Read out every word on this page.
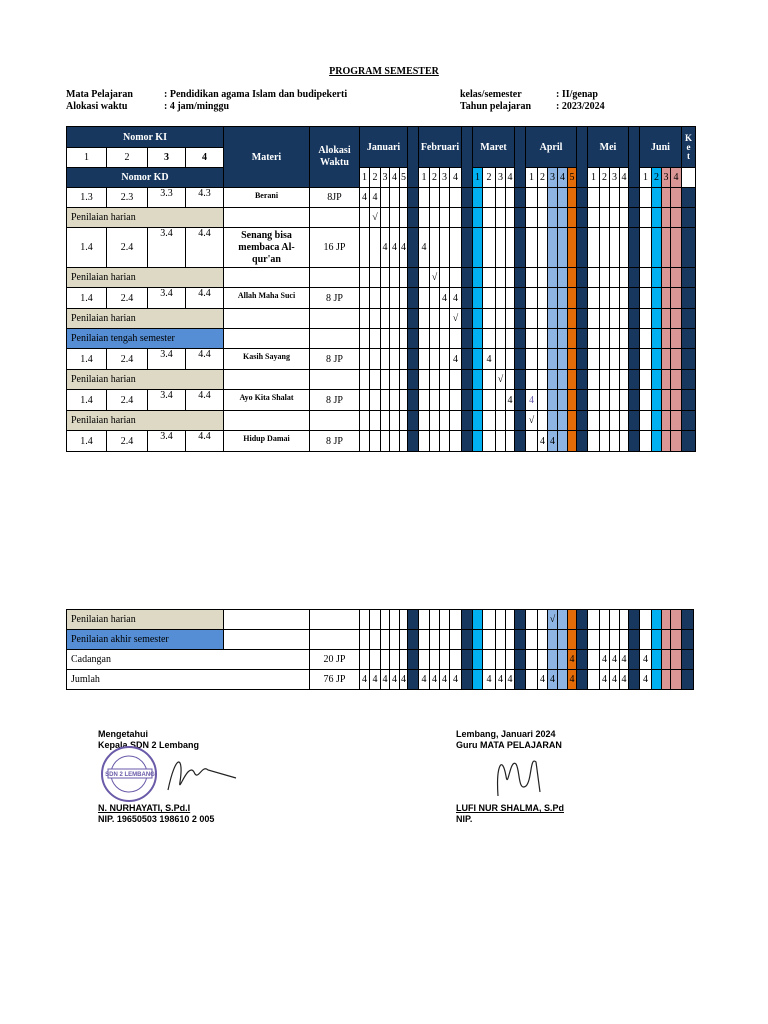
PROGRAM SEMESTER
Mata Pelajaran	: Pendidikan agama Islam dan budipekerti
Alokasi waktu	: 4 jam/minggu
kelas/semester	: II/genap
Tahun pelajaran : 2023/2024
Nomor KI				Materi	Alokasi Waktu	Januari						Februari					Maret					April						Mei					Juni				K e t
1	2	3	4																																		
Nomor KD						1	2	3	4	5		1	2	3	4		1	2	3	4		1	2	3	4	5		1	2	3	4		1	2	3	4	
1.3	2.3	3.3	4.3	Berani	8JP	4	4																														
Penilaian harian							√																														
1.4	2.4	3.4	4.4	Senang bisa membaca Al-qur'an	16 JP			4	4	4		4																									
Penilaian harian													√																								
1.4	2.4	3.4	4.4	Allah Maha Suci	8 JP									4	4																						
Penilaian harian															√																						
Penilaian tengah semester																																					
1.4	2.4	3.4	4.4	Kasih Sayang	8 JP										4			4																			
Penilaian harian																			√																		
1.4	2.4	3.4	4.4	Ayo Kita Shalat	8 JP															4		4															
Penilaian harian																						√															
1.4	2.4	3.4	4.4	Hidup Damai	8 JP																		4	4													
Penilaian harian																					√													
Penilaian akhir semester																																		
Cadangan		20 JP																					4			4	4	4		4				
Jumlah		76 JP	4	4	4	4	4		4	4	4	4			4	4	4			4	4		4			4	4	4		4				
Mengetahui
Kepala SDN 2 Lembang
SDN 2 LEMBANG
N. NURHAYATI, S.Pd.I
NIP. 19650503 198610 2 005
Lembang, Januari 2024
Guru MATA PELAJARAN
LUFI NUR SHALMA, S.Pd
NIP.
